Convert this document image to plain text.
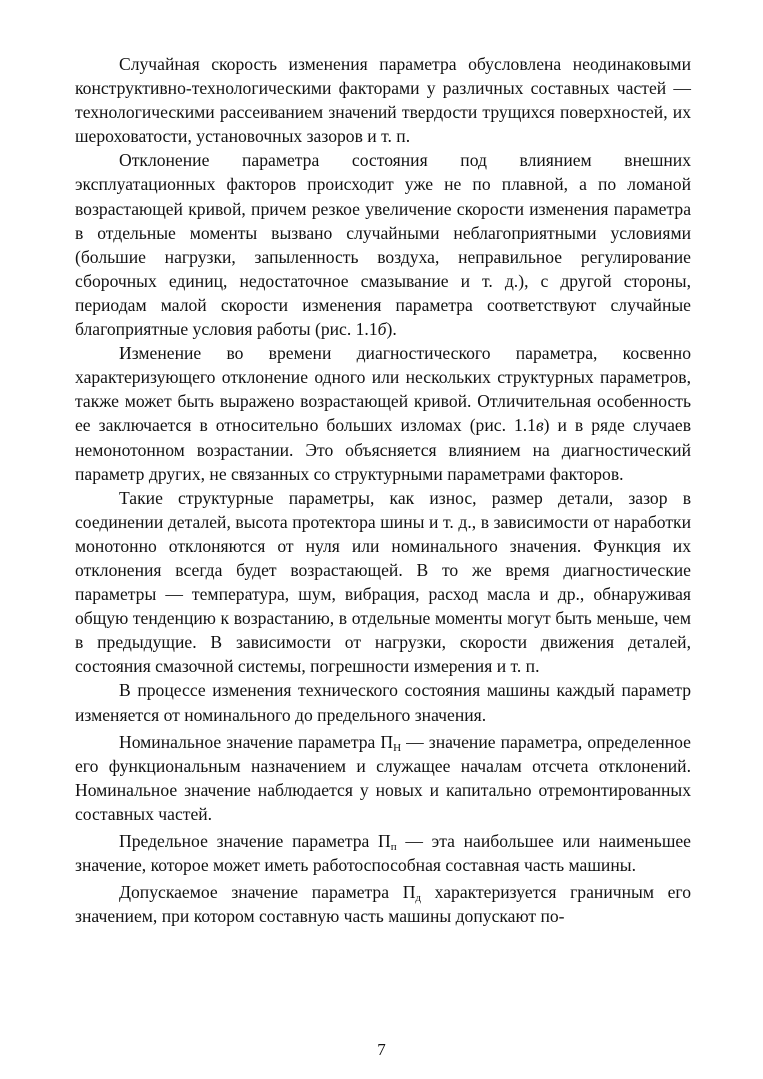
Случайная скорость изменения параметра обусловлена неодинаковыми конструктивно-технологическими факторами у различных составных частей — технологическими рассеиванием значений твердости трущихся поверхностей, их шероховатости, установочных зазоров и т. п.

Отклонение параметра состояния под влиянием внешних эксплуатационных факторов происходит уже не по плавной, а по ломаной возрастающей кривой, причем резкое увеличение скорости изменения параметра в отдельные моменты вызвано случайными неблагоприятными условиями (большие нагрузки, запыленность воздуха, неправильное регулирование сборочных единиц, недостаточное смазывание и т. д.), с другой стороны, периодам малой скорости изменения параметра соответствуют случайные благоприятные условия работы (рис. 1.1б).

Изменение во времени диагностического параметра, косвенно характеризующего отклонение одного или нескольких структурных параметров, также может быть выражено возрастающей кривой. Отличительная особенность ее заключается в относительно больших изломах (рис. 1.1в) и в ряде случаев немонотонном возрастании. Это объясняется влиянием на диагностический параметр других, не связанных со структурными параметрами факторов.

Такие структурные параметры, как износ, размер детали, зазор в соединении деталей, высота протектора шины и т. д., в зависимости от наработки монотонно отклоняются от нуля или номинального значения. Функция их отклонения всегда будет возрастающей. В то же время диагностические параметры — температура, шум, вибрация, расход масла и др., обнаруживая общую тенденцию к возрастанию, в отдельные моменты могут быть меньше, чем в предыдущие. В зависимости от нагрузки, скорости движения деталей, состояния смазочной системы, погрешности измерения и т. п.

В процессе изменения технического состояния машины каждый параметр изменяется от номинального до предельного значения.

Номинальное значение параметра $П_Н$ — значение параметра, определенное его функциональным назначением и служащее началам отсчета отклонений. Номинальное значение наблюдается у новых и капитально отремонтированных составных частей.

Предельное значение параметра $П_п$ — эта наибольшее или наименьшее значение, которое может иметь работоспособная составная часть машины.

Допускаемое значение параметра $П_д$ характеризуется граничным его значением, при котором составную часть машины допускают по-

7
